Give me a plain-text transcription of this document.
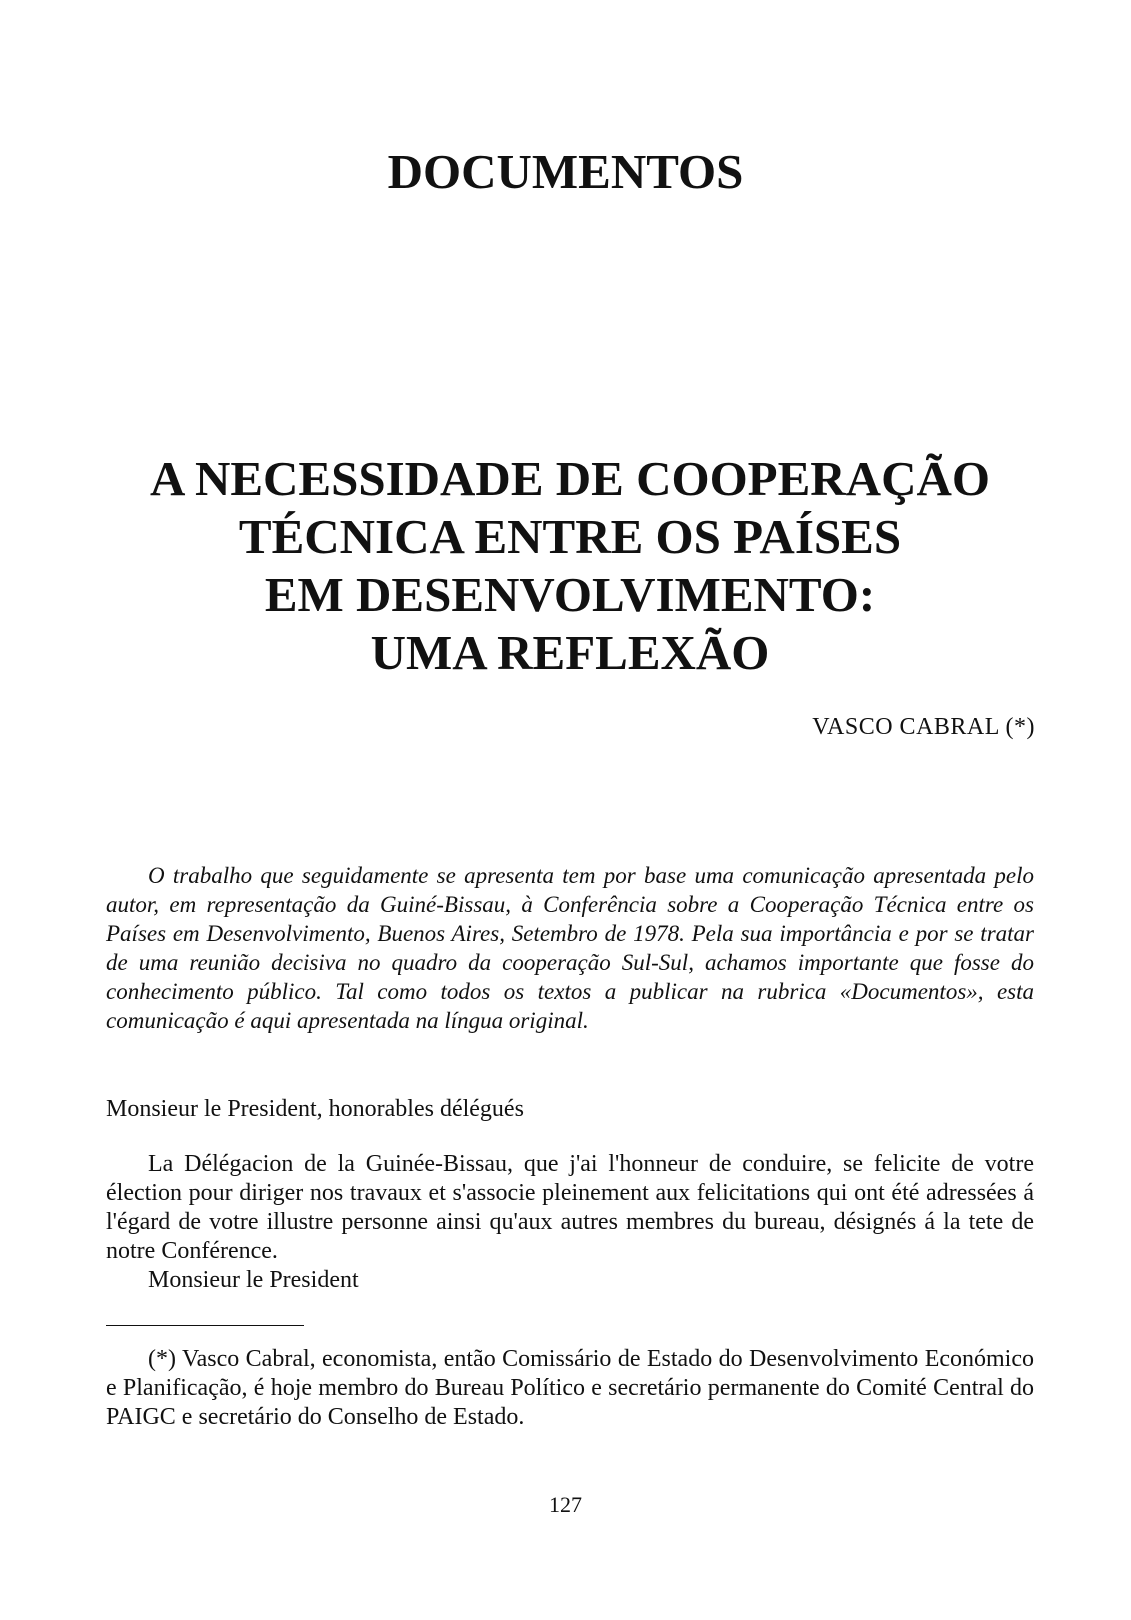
DOCUMENTOS
A NECESSIDADE DE COOPERAÇÃO
TÉCNICA ENTRE OS PAÍSES
EM DESENVOLVIMENTO:
UMA REFLEXÃO

VASCO CABRAL (*)

O trabalho que seguidamente se apresenta tem por base uma comunicação apresentada pelo autor, em representação da Guiné-Bissau, à Conferência sobre a Cooperação Técnica entre os Países em Desenvolvimento, Buenos Aires, Setembro de 1978. Pela sua importância e por se tratar de uma reunião decisiva no quadro da cooperação Sul-Sul, achamos importante que fosse do conhecimento público. Tal como todos os textos a publicar na rubrica «Documentos», esta comunicação é aqui apresentada na língua original.

Monsieur le President, honorables délégués

La Délégacion de la Guinée-Bissau, que j'ai l'honneur de conduire, se felicite de votre élection pour diriger nos travaux et s'associe pleinement aux felicitations qui ont été adressées á l'égard de votre illustre personne ainsi qu'aux autres membres du bureau, désignés á la tete de notre Conférence.

Monsieur le President

(*) Vasco Cabral, economista, então Comissário de Estado do Desenvolvimento Económico e Planificação, é hoje membro do Bureau Político e secretário permanente do Comité Central do PAIGC e secretário do Conselho de Estado.

127
